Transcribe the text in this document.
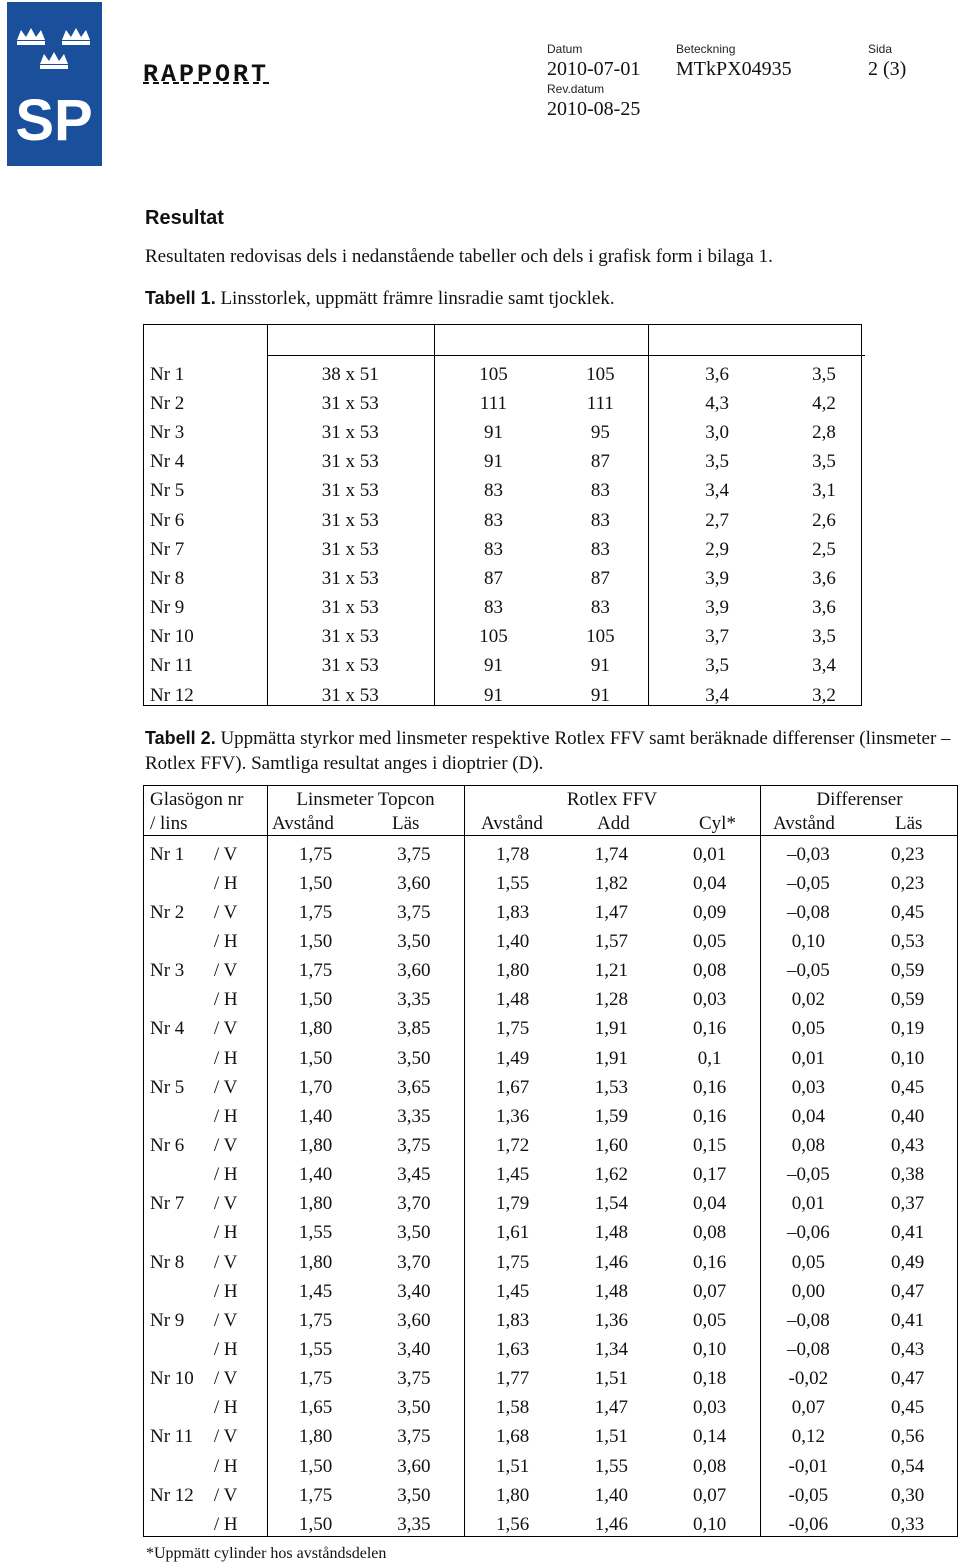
SP
RAPPORT
Datum
2010-07-01
Rev.datum
2010-08-25
Beteckning
MTkPX04935
Sida
2 (3)
Resultat
Resultaten redovisas dels i nedanstående tabeller och dels i grafisk form i bilaga 1.
Tabell 1. Linsstorlek, uppmätt främre linsradie samt tjocklek.
Nr 1	38 x 51	105	105	3,6	3,5
Nr 2	31 x 53	111	111	4,3	4,2
Nr 3	31 x 53	91	95	3,0	2,8
Nr 4	31 x 53	91	87	3,5	3,5
Nr 5	31 x 53	83	83	3,4	3,1
Nr 6	31 x 53	83	83	2,7	2,6
Nr 7	31 x 53	83	83	2,9	2,5
Nr 8	31 x 53	87	87	3,9	3,6
Nr 9	31 x 53	83	83	3,9	3,6
Nr 10	31 x 53	105	105	3,7	3,5
Nr 11	31 x 53	91	91	3,5	3,4
Nr 12	31 x 53	91	91	3,4	3,2
Tabell 2. Uppmätta styrkor med linsmeter respektive Rotlex FFV samt beräknade differenser (linsmeter – Rotlex FFV). Samtliga resultat anges i dioptrier (D).
Glasögon nr
/ lins
Linsmeter Topcon
Avstånd	Läs
Rotlex FFV
Avstånd	Add	Cyl*
Differenser
Avstånd	Läs
Nr 1	/ V	1,75	3,75	1,78	1,74	0,01	–0,03	0,23
	/ H	1,50	3,60	1,55	1,82	0,04	–0,05	0,23
Nr 2	/ V	1,75	3,75	1,83	1,47	0,09	–0,08	0,45
	/ H	1,50	3,50	1,40	1,57	0,05	0,10	0,53
Nr 3	/ V	1,75	3,60	1,80	1,21	0,08	–0,05	0,59
	/ H	1,50	3,35	1,48	1,28	0,03	0,02	0,59
Nr 4	/ V	1,80	3,85	1,75	1,91	0,16	0,05	0,19
	/ H	1,50	3,50	1,49	1,91	0,1	0,01	0,10
Nr 5	/ V	1,70	3,65	1,67	1,53	0,16	0,03	0,45
	/ H	1,40	3,35	1,36	1,59	0,16	0,04	0,40
Nr 6	/ V	1,80	3,75	1,72	1,60	0,15	0,08	0,43
	/ H	1,40	3,45	1,45	1,62	0,17	–0,05	0,38
Nr 7	/ V	1,80	3,70	1,79	1,54	0,04	0,01	0,37
	/ H	1,55	3,50	1,61	1,48	0,08	–0,06	0,41
Nr 8	/ V	1,80	3,70	1,75	1,46	0,16	0,05	0,49
	/ H	1,45	3,40	1,45	1,48	0,07	0,00	0,47
Nr 9	/ V	1,75	3,60	1,83	1,36	0,05	–0,08	0,41
	/ H	1,55	3,40	1,63	1,34	0,10	–0,08	0,43
Nr 10	/ V	1,75	3,75	1,77	1,51	0,18	-0,02	0,47
	/ H	1,65	3,50	1,58	1,47	0,03	0,07	0,45
Nr 11	/ V	1,80	3,75	1,68	1,51	0,14	0,12	0,56
	/ H	1,50	3,60	1,51	1,55	0,08	-0,01	0,54
Nr 12	/ V	1,75	3,50	1,80	1,40	0,07	-0,05	0,30
	/ H	1,50	3,35	1,56	1,46	0,10	-0,06	0,33
*Uppmätt cylinder hos avståndsdelen
